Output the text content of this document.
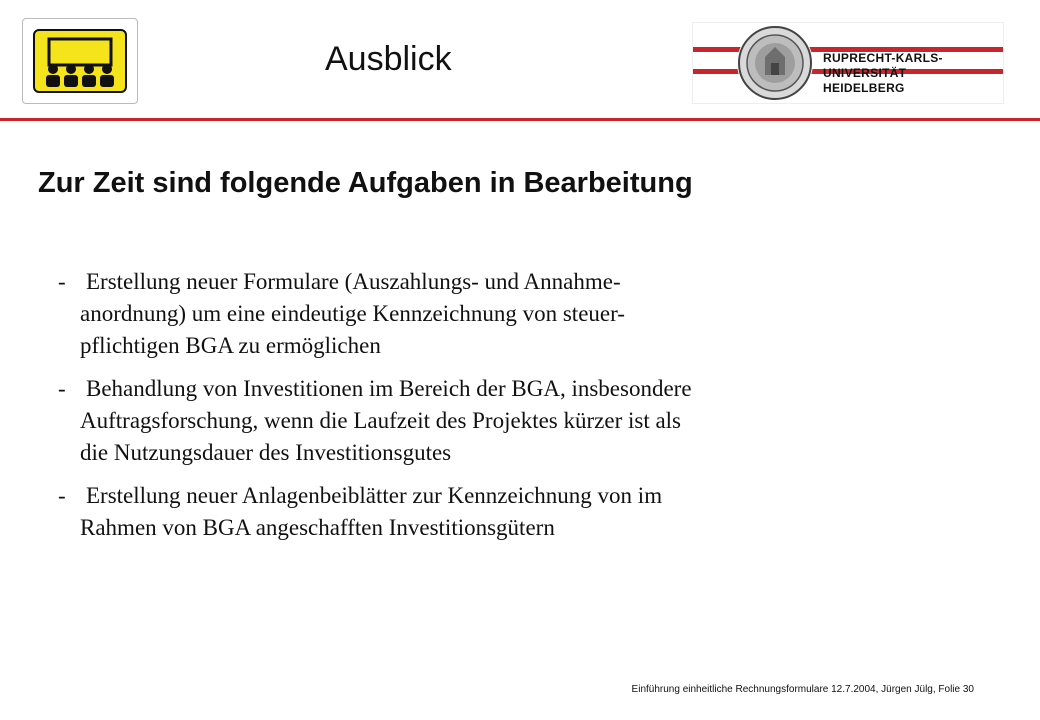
Ausblick	RUPRECHT-KARLS-
UNIVERSITÄT
HEIDELBERG
Zur Zeit sind folgende Aufgaben in Bearbeitung
- Erstellung neuer Formulare (Auszahlungs- und Annahme-
anordnung) um eine eindeutige Kennzeichnung von steuer-
pflichtigen BGA zu ermöglichen
- Behandlung von Investitionen im Bereich der BGA, insbesondere
Auftragsforschung, wenn die Laufzeit des Projektes kürzer ist als
die Nutzungsdauer des Investitionsgutes
- Erstellung neuer Anlagenbeiblätter zur Kennzeichnung von im
Rahmen von BGA angeschafften Investitionsgütern
Einführung einheitliche Rechnungsformulare 12.7.2004, Jürgen Jülg, Folie 30
